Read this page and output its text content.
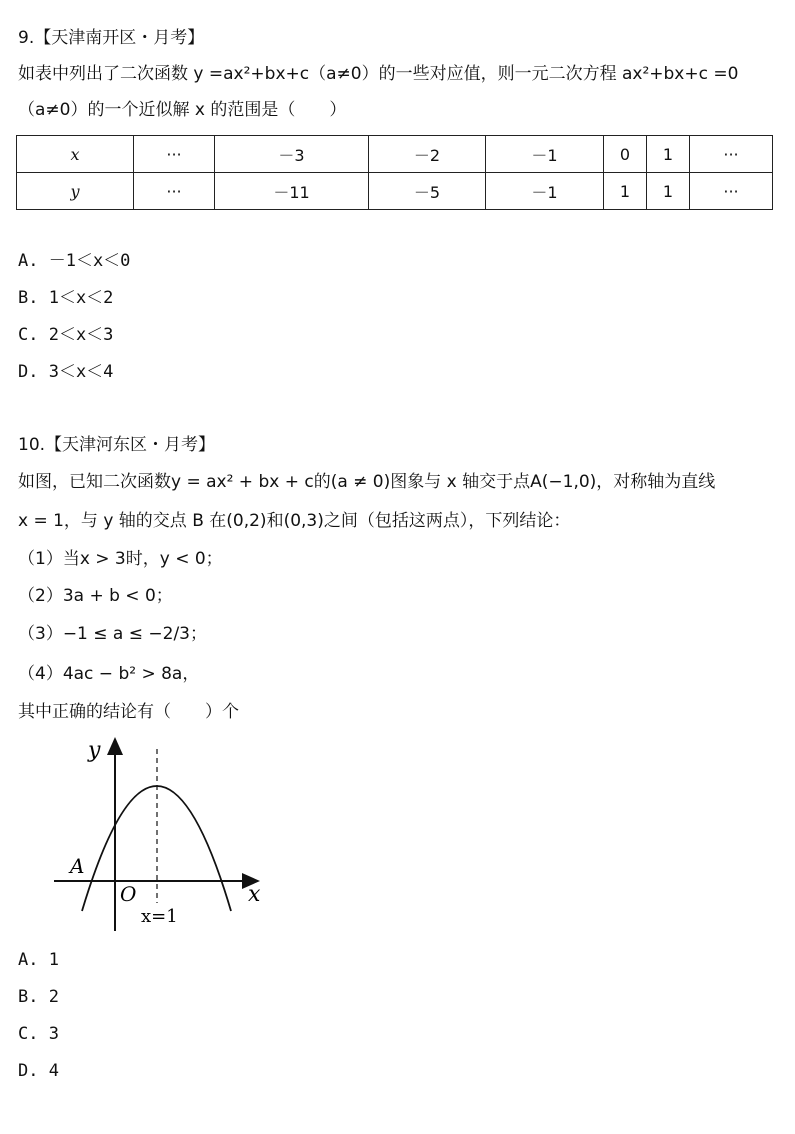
9.【天津南开区・月考】
如表中列出了二次函数 y =ax²+bx+c（a≠0）的一些对应值，则一元二次方程 ax²+bx+c =0
（a≠0）的一个近似解 x 的范围是（　　）
x	···	－3	－2	－1	0	1	···
y	···	－11	－5	－1	1	1	···
A. －1＜x＜0
B. 1＜x＜2
C. 2＜x＜3
D. 3＜x＜4
10.【天津河东区・月考】
如图，已知二次函数y = ax² + bx + c的(a ≠ 0)图象与 x 轴交于点A(−1,0)，对称轴为直线
x = 1，与 y 轴的交点 B 在(0,2)和(0,3)之间（包括这两点），下列结论：
（1）当x > 3时，y < 0；
（2）3a + b < 0；
（3）−1 ≤ a ≤ −2/3；
（4）4ac − b² > 8a，
其中正确的结论有（　　）个
y
x
O
A
x=1
A. 1
B. 2
C. 3
D. 4
